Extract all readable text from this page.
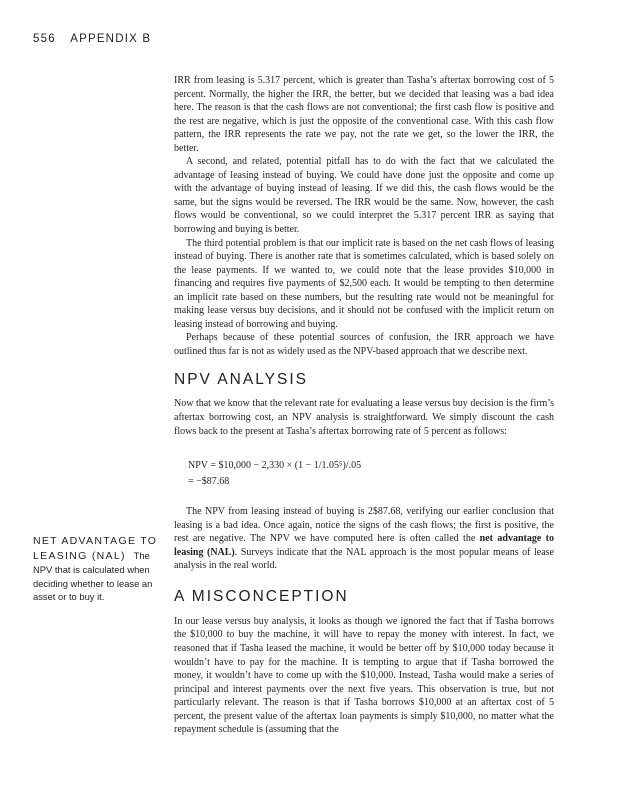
556 APPENDIX B

IRR from leasing is 5.317 percent, which is greater than Tasha’s aftertax borrowing cost of 5 percent. Normally, the higher the IRR, the better, but we decided that leasing was a bad idea here. The reason is that the cash flows are not conventional; the first cash flow is positive and the rest are negative, which is just the opposite of the conventional case. With this cash flow pattern, the IRR represents the rate we pay, not the rate we get, so the lower the IRR, the better.

A second, and related, potential pitfall has to do with the fact that we calculated the advantage of leasing instead of buying. We could have done just the opposite and come up with the advantage of buying instead of leasing. If we did this, the cash flows would be the same, but the signs would be reversed. The IRR would be the same. Now, however, the cash flows would be conventional, so we could interpret the 5.317 percent IRR as saying that borrowing and buying is better.

The third potential problem is that our implicit rate is based on the net cash flows of leasing instead of buying. There is another rate that is sometimes calculated, which is based solely on the lease payments. If we wanted to, we could note that the lease provides $10,000 in financing and requires five payments of $2,500 each. It would be tempting to then determine an implicit rate based on these numbers, but the resulting rate would not be meaningful for making lease versus buy decisions, and it should not be confused with the implicit return on leasing instead of borrowing and buying.

Perhaps because of these potential sources of confusion, the IRR approach we have outlined thus far is not as widely used as the NPV-based approach that we describe next.

NPV ANALYSIS

Now that we know that the relevant rate for evaluating a lease versus buy decision is the firm’s aftertax borrowing cost, an NPV analysis is straightforward. We simply discount the cash flows back to the present at Tasha’s aftertax borrowing rate of 5 percent as follows:

NPV = $10,000 − 2,330 × (1 − 1/1.05⁵)/.05
= −$87.68

The NPV from leasing instead of buying is 2$87.68, verifying our earlier conclusion that leasing is a bad idea. Once again, notice the signs of the cash flows; the first is positive, the rest are negative. The NPV we have computed here is often called the net advantage to leasing (NAL). Surveys indicate that the NAL approach is the most popular means of lease analysis in the real world.

A MISCONCEPTION

In our lease versus buy analysis, it looks as though we ignored the fact that if Tasha borrows the $10,000 to buy the machine, it will have to repay the money with interest. In fact, we reasoned that if Tasha leased the machine, it would be better off by $10,000 today because it wouldn’t have to pay for the machine. It is tempting to argue that if Tasha borrowed the money, it wouldn’t have to come up with the $10,000. Instead, Tasha would make a series of principal and interest payments over the next five years. This observation is true, but not particularly relevant. The reason is that if Tasha borrows $10,000 at an aftertax cost of 5 percent, the present value of the aftertax loan payments is simply $10,000, no matter what the repayment schedule is (assuming that the

NET ADVANTAGE TO
LEASING (NAL) The NPV that is calculated when deciding whether to lease an asset or to buy it.
